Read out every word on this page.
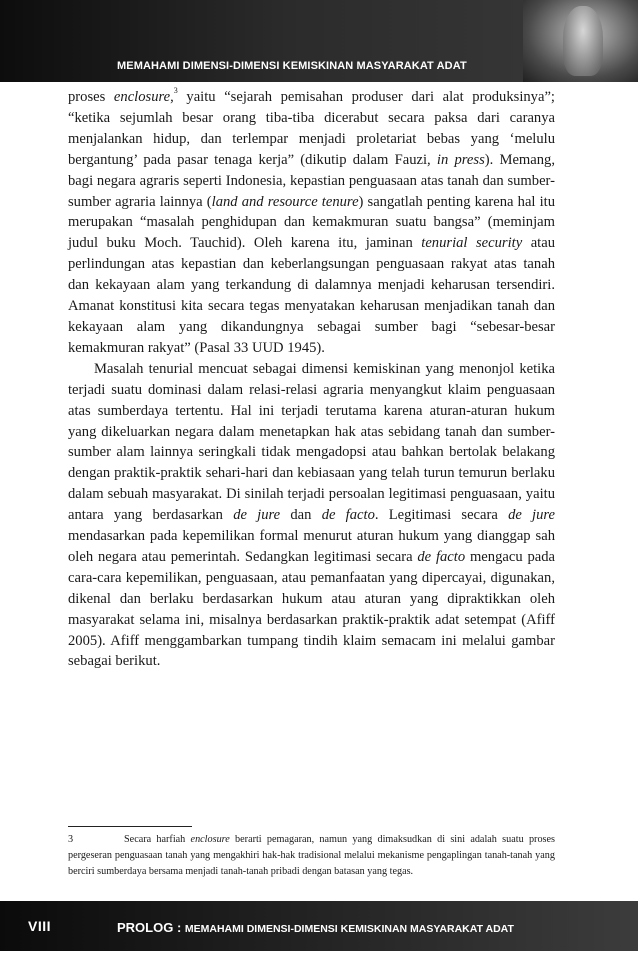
MEMAHAMI DIMENSI-DIMENSI KEMISKINAN MASYARAKAT ADAT

proses enclosure,$^3$ yaitu “sejarah pemisahan produser dari alat produksinya”; “ketika sejumlah besar orang tiba-tiba dicerabut secara paksa dari caranya menjalankan hidup, dan terlempar menjadi proletariat bebas yang ‘melulu bergantung’ pada pasar tenaga kerja” (dikutip dalam Fauzi, in press). Memang, bagi negara agraris seperti Indonesia, kepastian penguasaan atas tanah dan sumber-sumber agraria lainnya (land and resource tenure) sangatlah penting karena hal itu merupakan “masalah penghidupan dan kemakmuran suatu bangsa” (meminjam judul buku Moch. Tauchid). Oleh karena itu, jaminan tenurial security atau perlindungan atas kepastian dan keberlangsungan penguasaan rakyat atas tanah dan kekayaan alam yang terkandung di dalamnya menjadi keharusan tersendiri. Amanat konstitusi kita secara tegas menyatakan keharusan menjadikan tanah dan kekayaan alam yang dikandungnya sebagai sumber bagi “sebesar-besar kemakmuran rakyat” (Pasal 33 UUD 1945).

Masalah tenurial mencuat sebagai dimensi kemiskinan yang menonjol ketika terjadi suatu dominasi dalam relasi-relasi agraria menyangkut klaim penguasaan atas sumberdaya tertentu. Hal ini terjadi terutama karena aturan-aturan hukum yang dikeluarkan negara dalam menetapkan hak atas sebidang tanah dan sumber-sumber alam lainnya seringkali tidak mengadopsi atau bahkan bertolak belakang dengan praktik-praktik sehari-hari dan kebiasaan yang telah turun temurun berlaku dalam sebuah masyarakat. Di sinilah terjadi persoalan legitimasi penguasaan, yaitu antara yang berdasarkan de jure dan de facto. Legitimasi secara de jure mendasarkan pada kepemilikan formal menurut aturan hukum yang dianggap sah oleh negara atau pemerintah. Sedangkan legitimasi secara de facto mengacu pada cara-cara kepemilikan, penguasaan, atau pemanfaatan yang dipercayai, digunakan, dikenal dan berlaku berdasarkan hukum atau aturan yang dipraktikkan oleh masyarakat selama ini, misalnya berdasarkan praktik-praktik adat setempat (Afiff 2005). Afiff menggambarkan tumpang tindih klaim semacam ini melalui gambar sebagai berikut.

3	Secara harfiah enclosure berarti pemagaran, namun yang dimaksudkan di sini adalah suatu proses pergeseran penguasaan tanah yang mengakhiri hak-hak tradisional melalui mekanisme pengaplingan tanah-tanah yang berciri sumberdaya bersama menjadi tanah-tanah pribadi dengan batasan yang tegas.

VIII	PROLOG : MEMAHAMI DIMENSI-DIMENSI KEMISKINAN MASYARAKAT ADAT
